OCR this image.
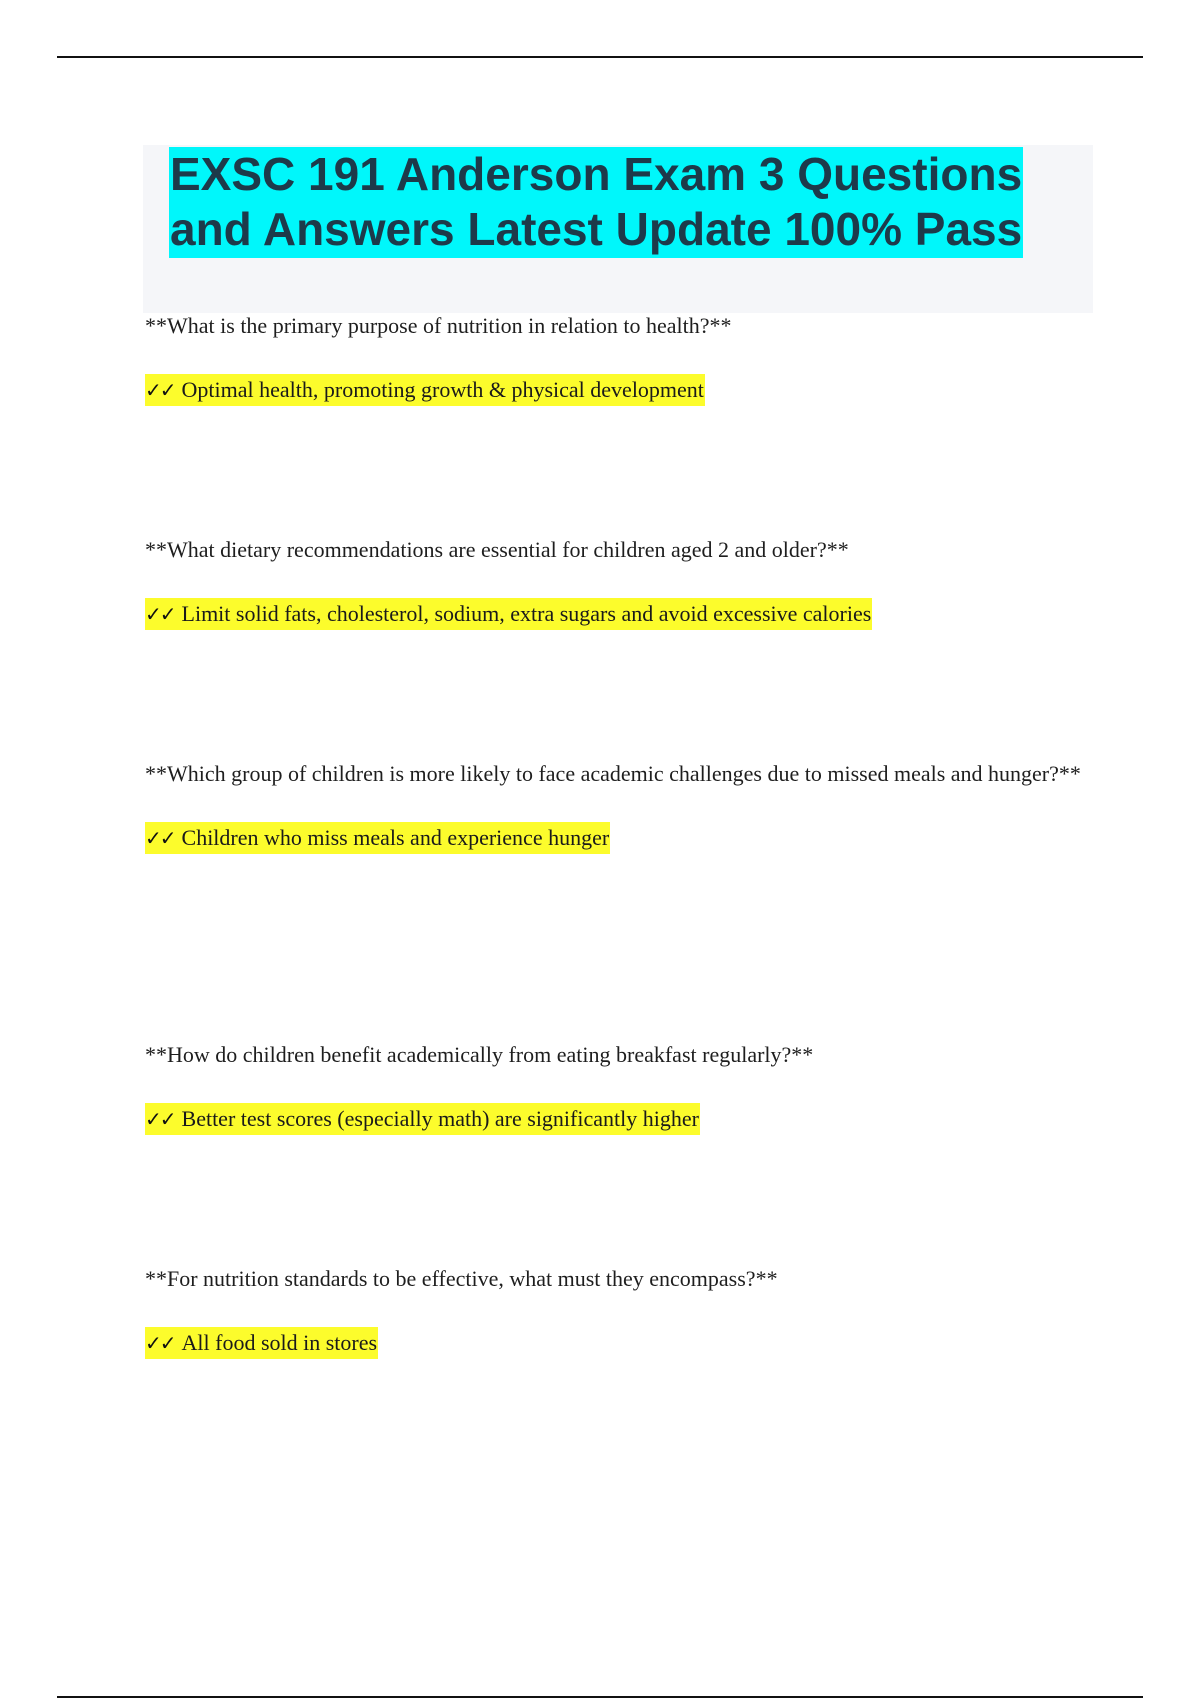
EXSC 191 Anderson Exam 3 Questions and Answers Latest Update 100% Pass

**What is the primary purpose of nutrition in relation to health?**

✓✓ Optimal health, promoting growth & physical development

**What dietary recommendations are essential for children aged 2 and older?**

✓✓ Limit solid fats, cholesterol, sodium, extra sugars and avoid excessive calories

**Which group of children is more likely to face academic challenges due to missed meals and hunger?**

✓✓ Children who miss meals and experience hunger

**How do children benefit academically from eating breakfast regularly?**

✓✓ Better test scores (especially math) are significantly higher

**For nutrition standards to be effective, what must they encompass?**

✓✓ All food sold in stores
